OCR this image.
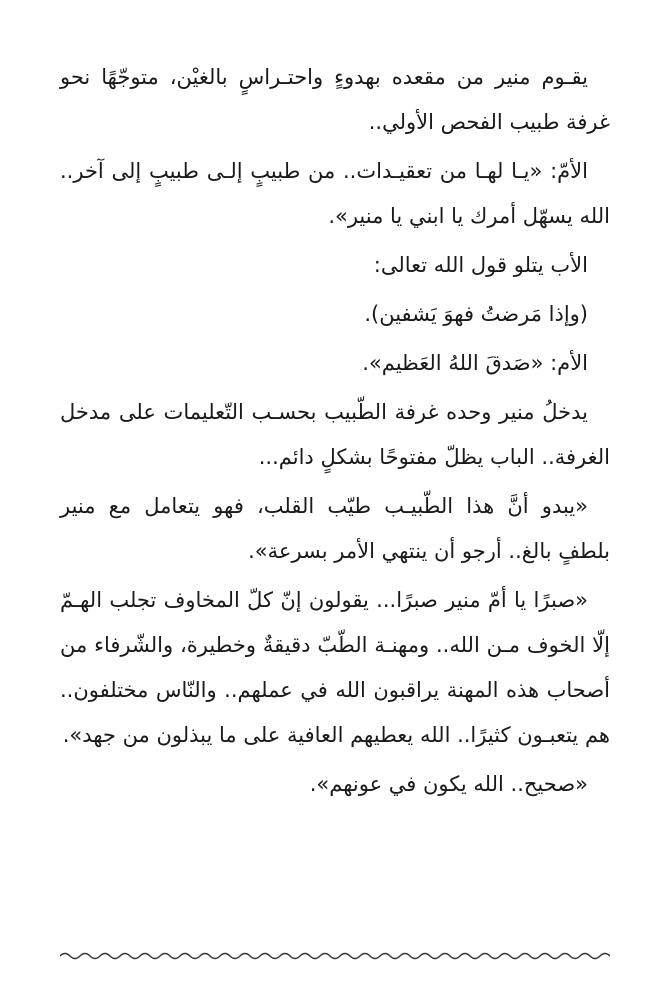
يقـوم منير من مقعده بهدوءٍ واحتـراسٍ بالغيْن، متوجّهًا نحو غرفة طبيب الفحص الأولي..

الأمّ: «يـا لهـا من تعقيـدات.. من طبيبٍ إلـى طبيبٍ إلى آخر.. الله يسهّل أمرك يا ابني يا منير».

الأب يتلو قول الله تعالى:

(وإذا مَرضتُ فهوَ يَشفين).

الأم: «صَدقَ اللهُ العَظيم».

يدخلُ منير وحده غرفة الطّبيب بحسـب التّعليمات على مدخل الغرفة.. الباب يظلّ مفتوحًا بشكلٍ دائم...

«يبدو أنَّ هذا الطّبيـب طيّب القلب، فهو يتعامل مع منير بلطفٍ بالغ.. أرجو أن ينتهي الأمر بسرعة».

«صبرًا يا أمّ منير صبرًا... يقولون إنّ كلّ المخاوف تجلب الهـمّ إلّا الخوف مـن الله.. ومهنـة الطّبّ دقيقةٌ وخطيرة، والشّرفاء من أصحاب هذه المهنة يراقبون الله في عملهم.. والنّاس مختلفون.. هم يتعبـون كثيرًا.. الله يعطيهم العافية على ما يبذلون من جهد».

«صحيح.. الله يكون في عونهم».
